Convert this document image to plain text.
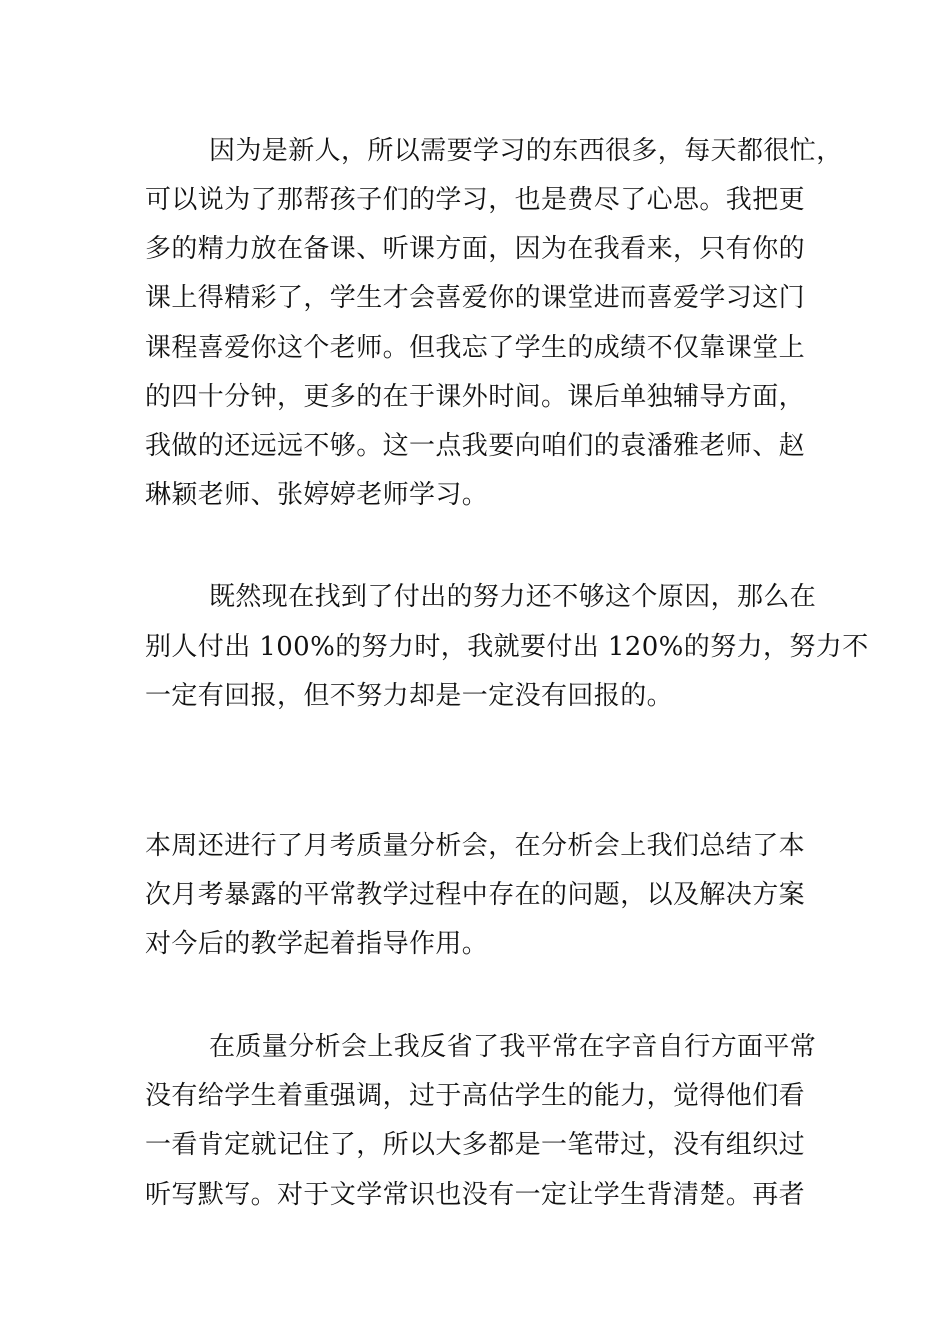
因为是新人，所以需要学习的东西很多，每天都很忙，

可以说为了那帮孩子们的学习，也是费尽了心思。我把更

多的精力放在备课、听课方面，因为在我看来，只有你的

课上得精彩了，学生才会喜爱你的课堂进而喜爱学习这门

课程喜爱你这个老师。但我忘了学生的成绩不仅靠课堂上

的四十分钟，更多的在于课外时间。课后单独辅导方面，

我做的还远远不够。这一点我要向咱们的袁潘雅老师、赵

琳颖老师、张婷婷老师学习。

既然现在找到了付出的努力还不够这个原因，那么在

别人付出 100%的努力时，我就要付出 120%的努力，努力不

一定有回报，但不努力却是一定没有回报的。

本周还进行了月考质量分析会，在分析会上我们总结了本

次月考暴露的平常教学过程中存在的问题，以及解决方案

对今后的教学起着指导作用。

在质量分析会上我反省了我平常在字音自行方面平常

没有给学生着重强调，过于高估学生的能力，觉得他们看

一看肯定就记住了，所以大多都是一笔带过，没有组织过

听写默写。对于文学常识也没有一定让学生背清楚。再者
